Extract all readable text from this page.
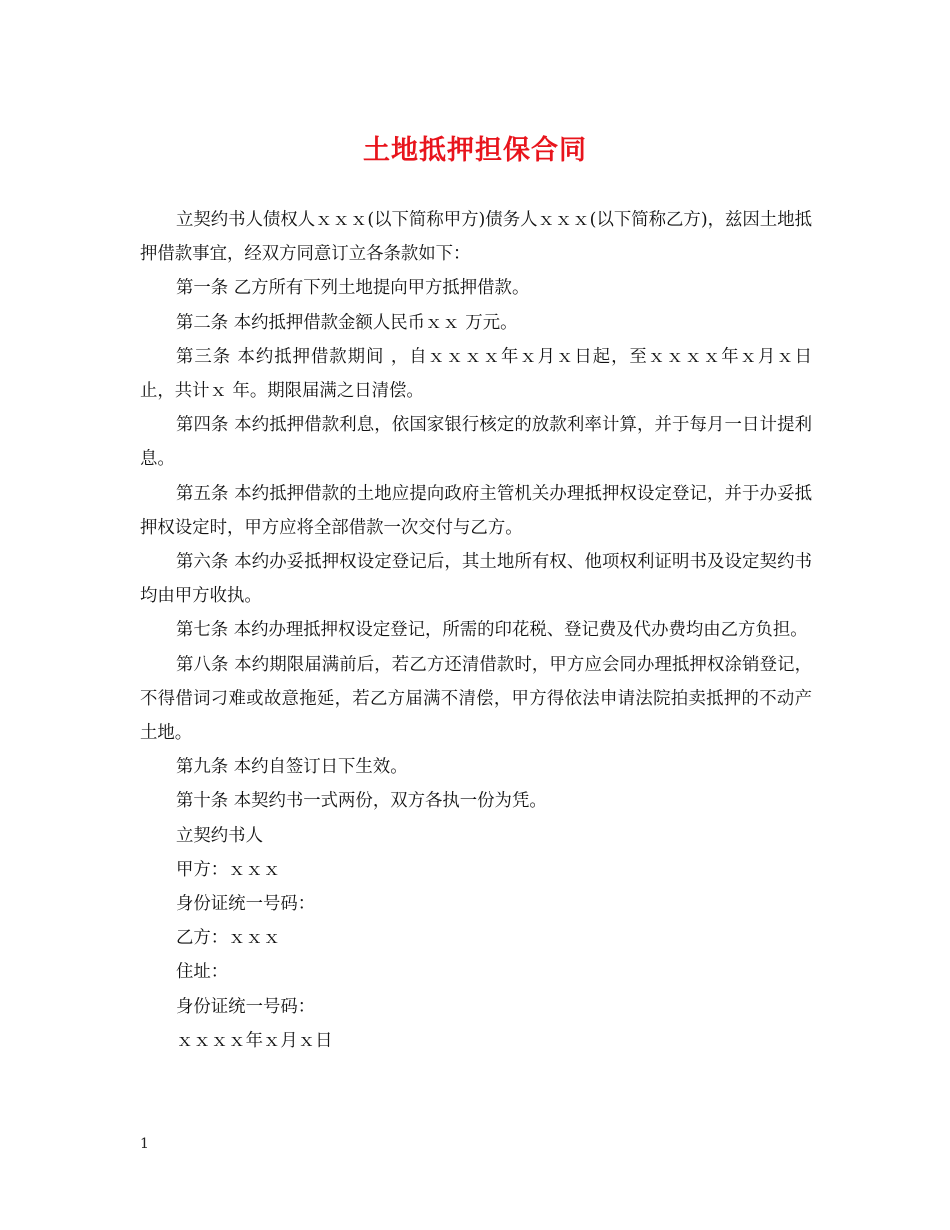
土地抵押担保合同

立契约书人债权人ｘｘｘ(以下简称甲方)债务人ｘｘｘ(以下简称乙方)，兹因土地抵押借款事宜，经双方同意订立各条款如下：

第一条 乙方所有下列土地提向甲方抵押借款。

第二条 本约抵押借款金额人民币ｘｘ 万元。

第三条 本约抵押借款期间 ，自ｘｘｘｘ年ｘ月ｘ日起，至ｘｘｘｘ年ｘ月ｘ日止，共计ｘ 年。期限届满之日清偿。

第四条 本约抵押借款利息，依国家银行核定的放款利率计算，并于每月一日计提利息。

第五条 本约抵押借款的土地应提向政府主管机关办理抵押权设定登记，并于办妥抵押权设定时，甲方应将全部借款一次交付与乙方。

第六条 本约办妥抵押权设定登记后，其土地所有权、他项权利证明书及设定契约书均由甲方收执。

第七条 本约办理抵押权设定登记，所需的印花税、登记费及代办费均由乙方负担。

第八条 本约期限届满前后，若乙方还清借款时，甲方应会同办理抵押权涂销登记，不得借词刁难或故意拖延，若乙方届满不清偿，甲方得依法申请法院拍卖抵押的不动产土地。

第九条 本约自签订日下生效。

第十条 本契约书一式两份，双方各执一份为凭。

立契约书人

甲方：ｘｘｘ

身份证统一号码：

乙方：ｘｘｘ

住址：

身份证统一号码：

ｘｘｘｘ年ｘ月ｘ日

1
